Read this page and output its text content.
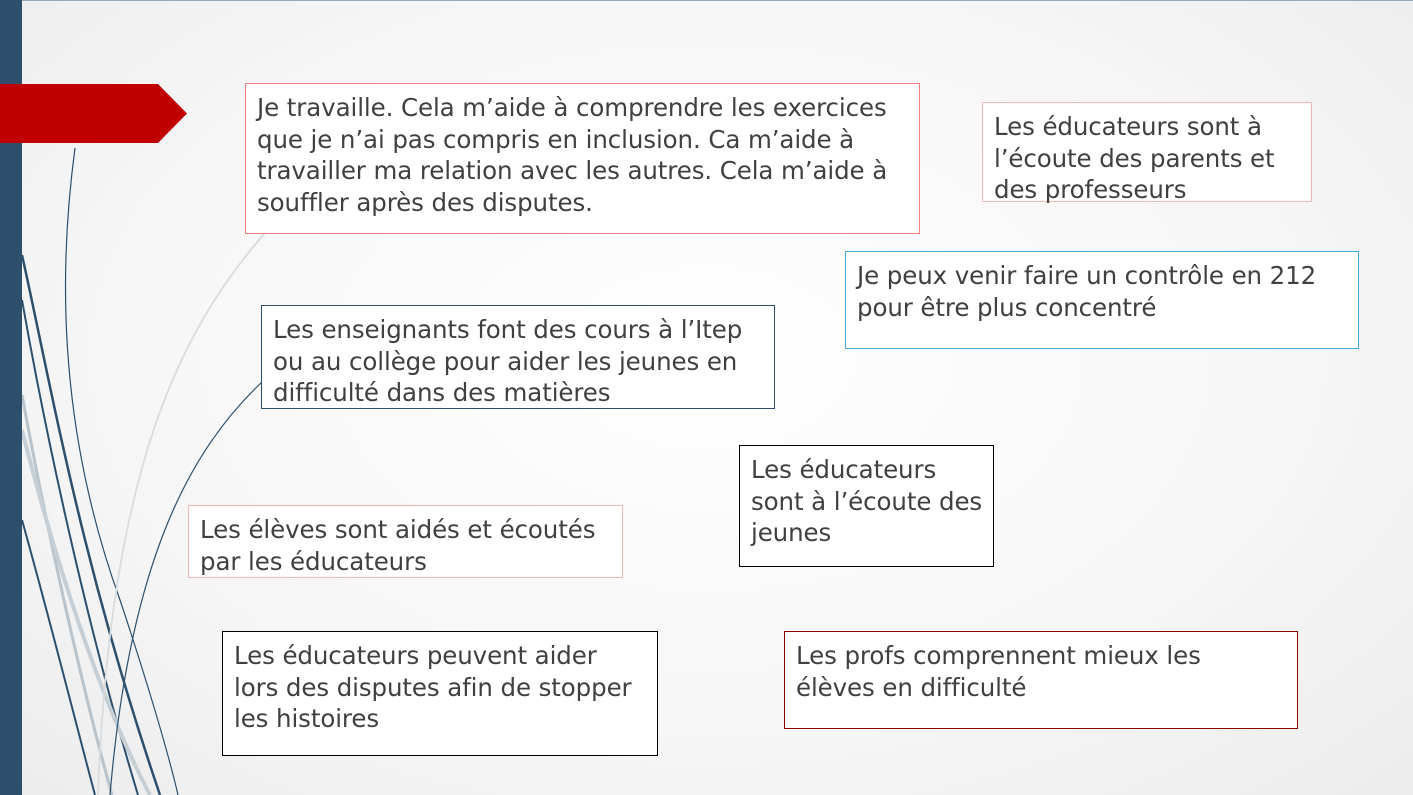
Je travaille. Cela m’aide à comprendre les exercices que je n’ai pas compris en inclusion. Ca m’aide à travailler ma relation avec les autres. Cela m’aide à souffler après des disputes.

Les éducateurs sont à l’écoute des parents et des professeurs

Je peux venir faire un contrôle en 212 pour être plus concentré

Les enseignants font des cours à l’Itep ou au collège pour aider les jeunes en difficulté dans des matières

Les éducateurs sont à l’écoute des jeunes

Les élèves sont aidés et écoutés par les éducateurs

Les éducateurs peuvent aider lors des disputes afin de stopper les histoires

Les profs comprennent mieux les élèves en difficulté
